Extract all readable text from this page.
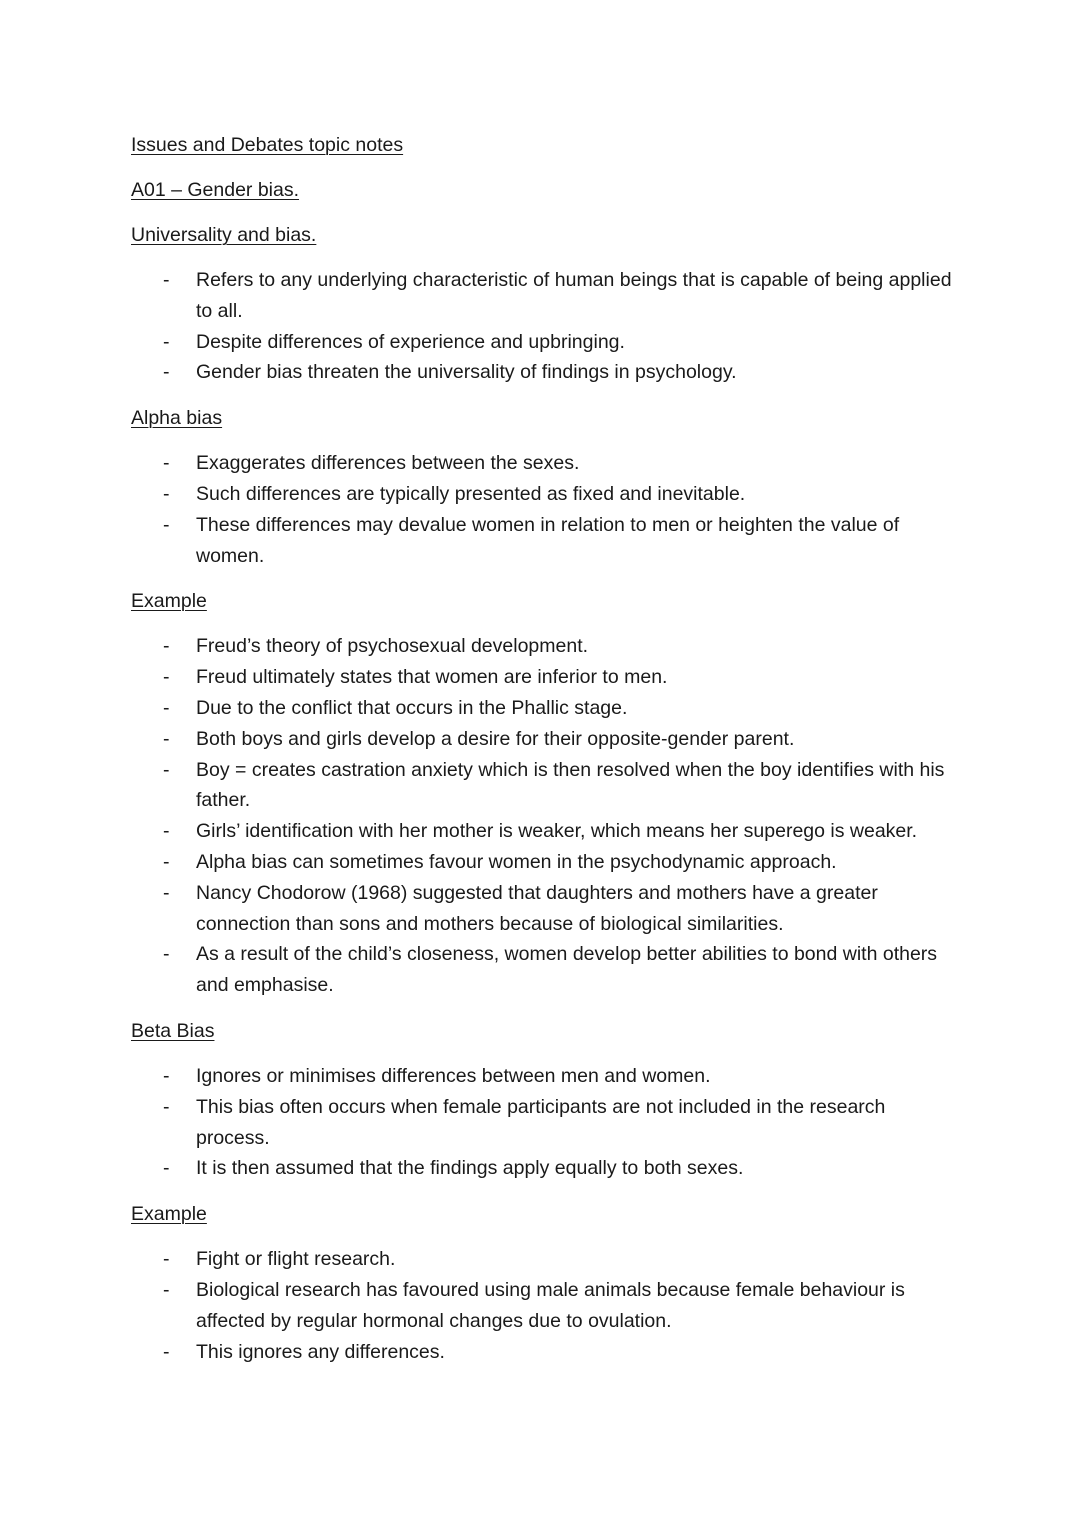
Issues and Debates topic notes
A01 – Gender bias.
Universality and bias.
- Refers to any underlying characteristic of human beings that is capable of being applied to all.
- Despite differences of experience and upbringing.
- Gender bias threaten the universality of findings in psychology.
Alpha bias
- Exaggerates differences between the sexes.
- Such differences are typically presented as fixed and inevitable.
- These differences may devalue women in relation to men or heighten the value of women.
Example
- Freud’s theory of psychosexual development.
- Freud ultimately states that women are inferior to men.
- Due to the conflict that occurs in the Phallic stage.
- Both boys and girls develop a desire for their opposite-gender parent.
- Boy = creates castration anxiety which is then resolved when the boy identifies with his father.
- Girls’ identification with her mother is weaker, which means her superego is weaker.
- Alpha bias can sometimes favour women in the psychodynamic approach.
- Nancy Chodorow (1968) suggested that daughters and mothers have a greater connection than sons and mothers because of biological similarities.
- As a result of the child’s closeness, women develop better abilities to bond with others and emphasise.
Beta Bias
- Ignores or minimises differences between men and women.
- This bias often occurs when female participants are not included in the research process.
- It is then assumed that the findings apply equally to both sexes.
Example
- Fight or flight research.
- Biological research has favoured using male animals because female behaviour is affected by regular hormonal changes due to ovulation.
- This ignores any differences.
